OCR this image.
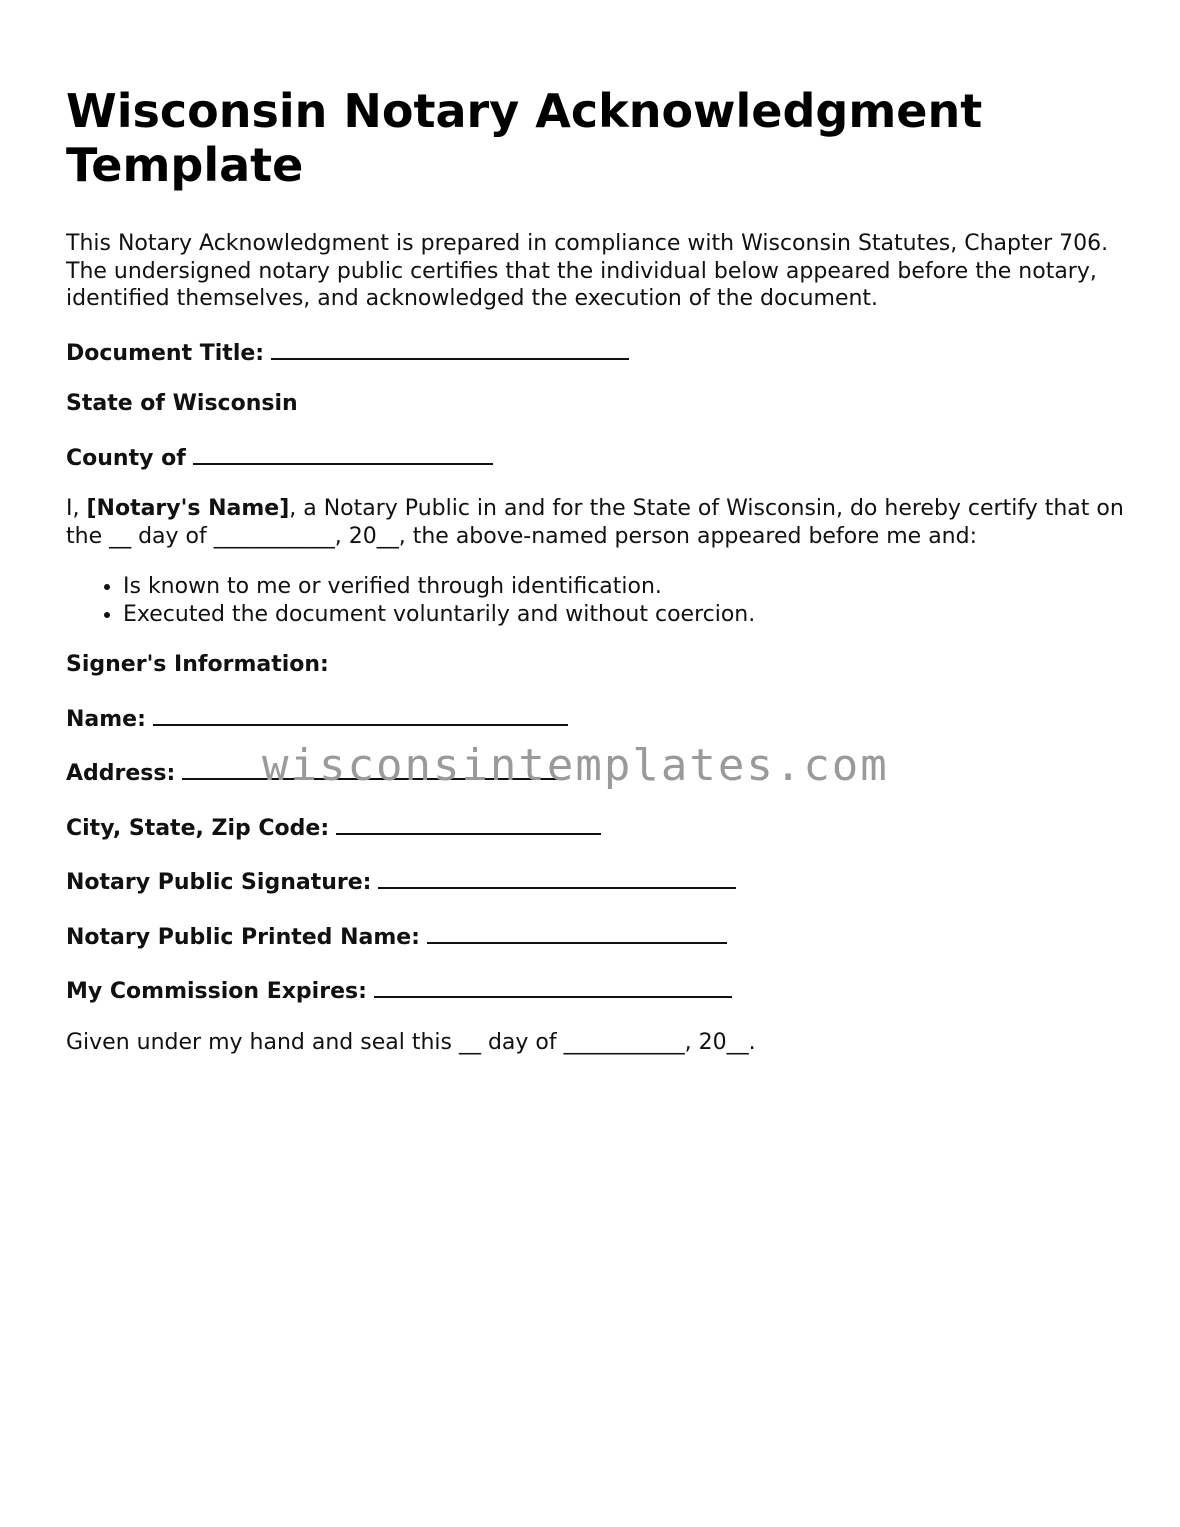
Wisconsin Notary Acknowledgment Template

This Notary Acknowledgment is prepared in compliance with Wisconsin Statutes, Chapter 706. The undersigned notary public certifies that the individual below appeared before the notary, identified themselves, and acknowledged the execution of the document.

Document Title:
State of Wisconsin
County of

I, [Notary's Name], a Notary Public in and for the State of Wisconsin, do hereby certify that on the __ day of ___________, 20__, the above-named person appeared before me and:

• Is known to me or verified through identification.
• Executed the document voluntarily and without coercion.
Signer's Information:
Name:
Address:
City, State, Zip Code:
Notary Public Signature:
Notary Public Printed Name:
My Commission Expires:

Given under my hand and seal this __ day of ___________, 20__.

wisconsintemplates.com
